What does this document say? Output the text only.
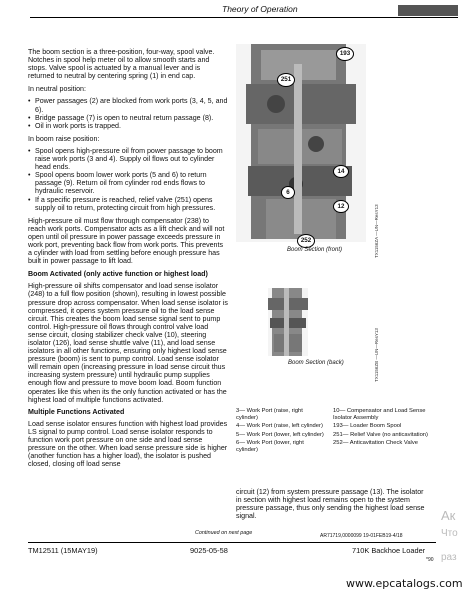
Theory of Operation

The boom section is a three-position, four-way, spool valve. Notches in spool help meter oil to allow smooth starts and stops. Valve spool is actuated by a manual lever and is returned to neutral by centering spring (1) in end cap.

In neutral position:

• Power passages (2) are blocked from work ports (3, 4, 5, and 6).

• Bridge passage (7) is open to neutral return passage (8).

• Oil in work ports is trapped.

In boom raise position:

• Spool opens high-pressure oil from power passage to boom raise work ports (3 and 4). Supply oil flows out to cylinder head ends.

• Spool opens boom lower work ports (5 and 6) to return passage (9). Return oil from cylinder rod ends flows to hydraulic reservoir.

• If a specific pressure is reached, relief valve (251) opens supply oil to return, protecting circuit from high pressures.

High-pressure oil must flow through compensator (238) to reach work ports. Compensator acts as a lift check and will not open until oil pressure in power passage exceeds pressure in work port, preventing back flow from work ports. This prevents a cylinder with load from settling before enough pressure has built in power passage to lift load.

Boom Activated (only active function or highest load)

High-pressure oil shifts compensator and load sense isolator (248) to a full flow position (shown), resulting in lowest possible pressure drop across compensator. When load sense isolator is compressed, it opens system pressure oil to the load sense circuit. This creates the boom load sense signal sent to pump control. High-pressure oil flows through control valve load sense circuit, closing stabilizer check valve (10), steering isolator (126), load sense shuttle valve (11), and load sense isolators in all other functions, ensuring only highest load sense pressure (boom) is sent to pump control. Load sense isolator will remain open (increasing pressure in load sense circuit thus increasing system pressure) until hydraulic pump supplies enough flow and pressure to move boom load. Boom function operates like this when its the only function activated or has the highest load of multiple functions activated.

Multiple Functions Activated

Load sense isolator ensures function with highest load provides LS signal to pump control. Load sense isolator responds to function work port pressure on one side and load sense pressure on the other. When load sense pressure side is higher (another function has a higher load), the isolator is pushed closed, closing off load sense

193
251
14
6
12
252
Boom Section (front)	TX1156ZA —UN—ResY13
Boom Section (back)	TX1156ZB —UN—ResY13

3— Work Port (raise, right cylinder)

4— Work Port (raise, left cylinder)

5— Work Port (lower, left cylinder)

6— Work Port (lower, right cylinder)

10— Compensator and Load Sense Isolator Assembly

193— Loader Boom Spool

251— Relief Valve (no anticavitation)

252— Anticavitation Check Valve

circuit (12) from system pressure passage (13). The isolator in section with highest load remains open to the system pressure passage, thus only sending the highest load sense signal.
Continued on next page	AR71719,0000099 19-01FEB19-4/18
TM12511 (15MAY19)	9025-05-58	710K Backhoe Loader
*90
Ак
Что
раз
www.epcatalogs.com
